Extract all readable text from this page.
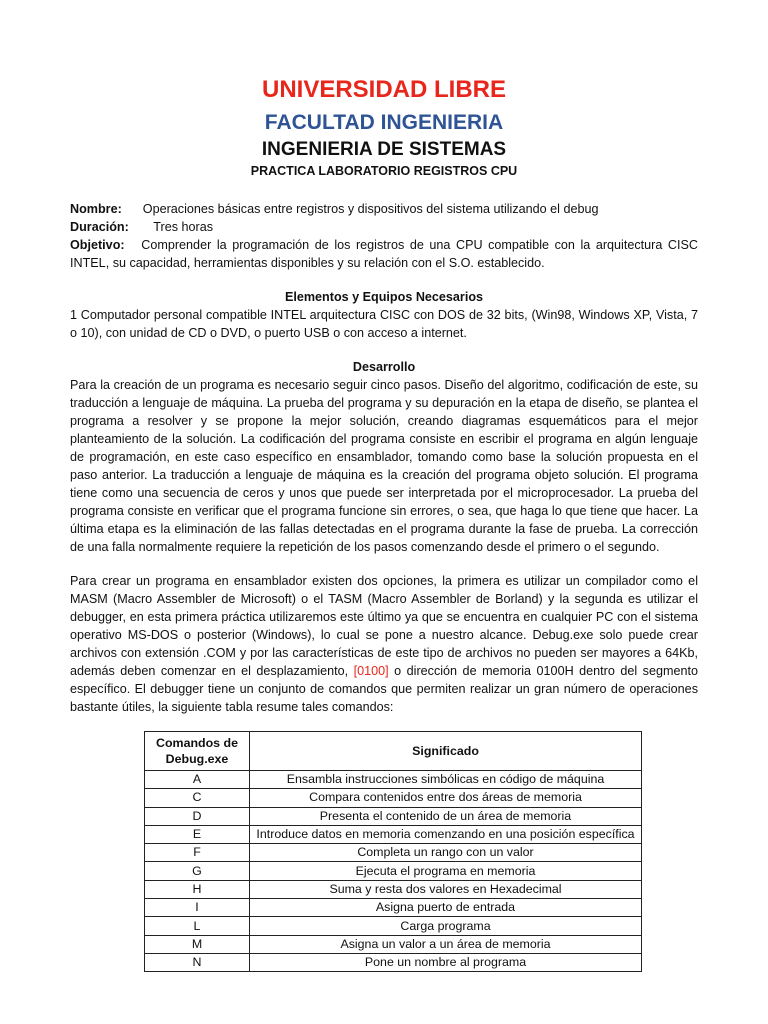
UNIVERSIDAD LIBRE
FACULTAD INGENIERIA
INGENIERIA DE SISTEMAS
PRACTICA LABORATORIO REGISTROS CPU
Nombre: Operaciones básicas entre registros y dispositivos del sistema utilizando el debug
Duración: Tres horas

Objetivo: Comprender la programación de los registros de una CPU compatible con la arquitectura CISC INTEL, su capacidad, herramientas disponibles y su relación con el S.O. establecido.

Elementos y Equipos Necesarios

1 Computador personal compatible INTEL arquitectura CISC con DOS de 32 bits, (Win98, Windows XP, Vista, 7 o 10), con unidad de CD o DVD, o puerto USB o con acceso a internet.

Desarrollo

Para la creación de un programa es necesario seguir cinco pasos. Diseño del algoritmo, codificación de este, su traducción a lenguaje de máquina. La prueba del programa y su depuración en la etapa de diseño, se plantea el programa a resolver y se propone la mejor solución, creando diagramas esquemáticos para el mejor planteamiento de la solución. La codificación del programa consiste en escribir el programa en algún lenguaje de programación, en este caso específico en ensamblador, tomando como base la solución propuesta en el paso anterior. La traducción a lenguaje de máquina es la creación del programa objeto solución. El programa tiene como una secuencia de ceros y unos que puede ser interpretada por el microprocesador. La prueba del programa consiste en verificar que el programa funcione sin errores, o sea, que haga lo que tiene que hacer. La última etapa es la eliminación de las fallas detectadas en el programa durante la fase de prueba. La corrección de una falla normalmente requiere la repetición de los pasos comenzando desde el primero o el segundo.

Para crear un programa en ensamblador existen dos opciones, la primera es utilizar un compilador como el MASM (Macro Assembler de Microsoft) o el TASM (Macro Assembler de Borland) y la segunda es utilizar el debugger, en esta primera práctica utilizaremos este último ya que se encuentra en cualquier PC con el sistema operativo MS-DOS o posterior (Windows), lo cual se pone a nuestro alcance. Debug.exe solo puede crear archivos con extensión .COM y por las características de este tipo de archivos no pueden ser mayores a 64Kb, además deben comenzar en el desplazamiento, [0100] o dirección de memoria 0100H dentro del segmento específico. El debugger tiene un conjunto de comandos que permiten realizar un gran número de operaciones bastante útiles, la siguiente tabla resume tales comandos:

Comandos de Debug.exe	Significado
A	Ensambla instrucciones simbólicas en código de máquina
C	Compara contenidos entre dos áreas de memoria
D	Presenta el contenido de un área de memoria
E	Introduce datos en memoria comenzando en una posición específica
F	Completa un rango con un valor
G	Ejecuta el programa en memoria
H	Suma y resta dos valores en Hexadecimal
I	Asigna puerto de entrada
L	Carga programa
M	Asigna un valor a un área de memoria
N	Pone un nombre al programa
